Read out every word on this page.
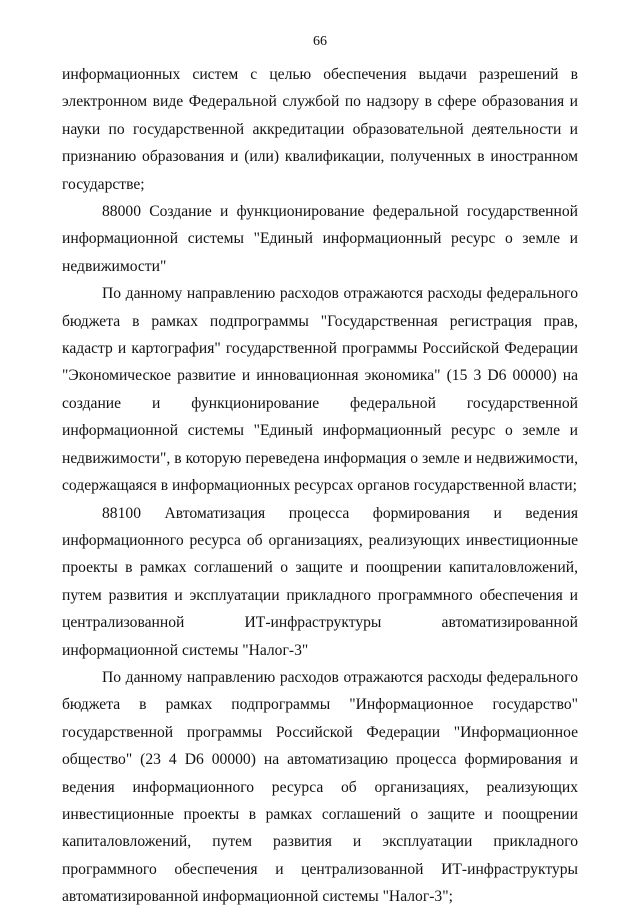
66

информационных систем с целью обеспечения выдачи разрешений в электронном виде Федеральной службой по надзору в сфере образования и науки по государственной аккредитации образовательной деятельности и признанию образования и (или) квалификации, полученных в иностранном государстве;

88000 Создание и функционирование федеральной государственной информационной системы "Единый информационный ресурс о земле и недвижимости"

По данному направлению расходов отражаются расходы федерального бюджета в рамках подпрограммы "Государственная регистрация прав, кадастр и картография" государственной программы Российской Федерации "Экономическое развитие и инновационная экономика" (15 3 D6 00000) на создание и функционирование федеральной государственной информационной системы "Единый информационный ресурс о земле и недвижимости", в которую переведена информация о земле и недвижимости, содержащаяся в информационных ресурсах органов государственной власти;

88100 Автоматизация процесса формирования и ведения информационного ресурса об организациях, реализующих инвестиционные проекты в рамках соглашений о защите и поощрении капиталовложений, путем развития и эксплуатации прикладного программного обеспечения и централизованной ИТ-инфраструктуры автоматизированной информационной системы "Налог-3"

По данному направлению расходов отражаются расходы федерального бюджета в рамках подпрограммы "Информационное государство" государственной программы Российской Федерации "Информационное общество" (23 4 D6 00000) на автоматизацию процесса формирования и ведения информационного ресурса об организациях, реализующих инвестиционные проекты в рамках соглашений о защите и поощрении капиталовложений, путем развития и эксплуатации прикладного программного обеспечения и централизованной ИТ-инфраструктуры автоматизированной информационной системы "Налог-3";
